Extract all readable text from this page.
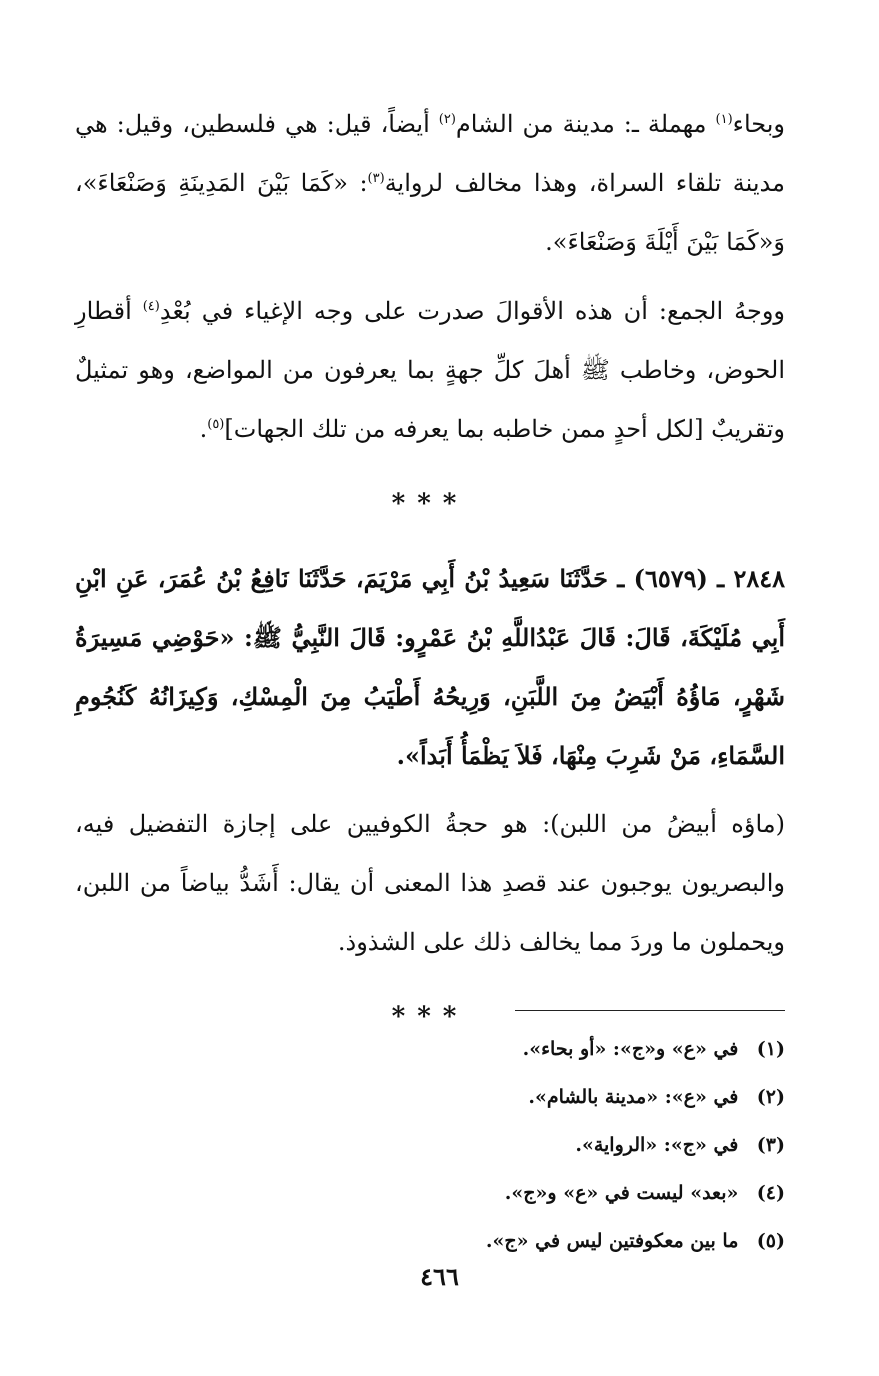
وبحاء$^{(١)}$ مهملة ـ: مدينة من الشام$^{(٢)}$ أيضاً، قيل: هي فلسطين، وقيل: هي مدينة تلقاء السراة، وهذا مخالف لرواية$^{(٣)}$: «كَمَا بَيْنَ المَدِينَةِ وَصَنْعَاءَ»، وَ«كَمَا بَيْنَ أَيْلَةَ وَصَنْعَاءَ».

ووجهُ الجمع: أن هذه الأقوالَ صدرت على وجه الإغياء في بُعْدِ$^{(٤)}$ أقطارِ الحوض، وخاطب ﷺ أهلَ كلِّ جهةٍ بما يعرفون من المواضع، وهو تمثيلٌ وتقريبٌ [لكل أحدٍ ممن خاطبه بما يعرفه من تلك الجهات]$^{(٥)}$.

***

٢٨٤٨ ـ (٦٥٧٩) ـ حَدَّثَنَا سَعِيدُ بْنُ أَبِي مَرْيَمَ، حَدَّثَنَا نَافِعُ بْنُ عُمَرَ، عَنِ ابْنِ أَبِي مُلَيْكَةَ، قَالَ: قَالَ عَبْدُاللَّهِ بْنُ عَمْرٍو: قَالَ النَّبِيُّ ﷺ: «حَوْضِي مَسِيرَةُ شَهْرٍ، مَاؤُهُ أَبْيَضُ مِنَ اللَّبَنِ، وَرِيحُهُ أَطْيَبُ مِنَ الْمِسْكِ، وَكِيزَانُهُ كَنُجُومِ السَّمَاءِ، مَنْ شَرِبَ مِنْهَا، فَلاَ يَظْمَأُ أَبَداً».

(ماؤه أبيضُ من اللبن): هو حجةُ الكوفيين على إجازة التفضيل فيه، والبصريون يوجبون عند قصدِ هذا المعنى أن يقال: أَشَدُّ بياضاً من اللبن، ويحملون ما وردَ مما يخالف ذلك على الشذوذ.

***
(١) في «ع» و«ج»: «أو بحاء».
(٢) في «ع»: «مدينة بالشام».
(٣) في «ج»: «الرواية».
(٤) «بعد» ليست في «ع» و«ج».
(٥) ما بين معكوفتين ليس في «ج».
٤٦٦
